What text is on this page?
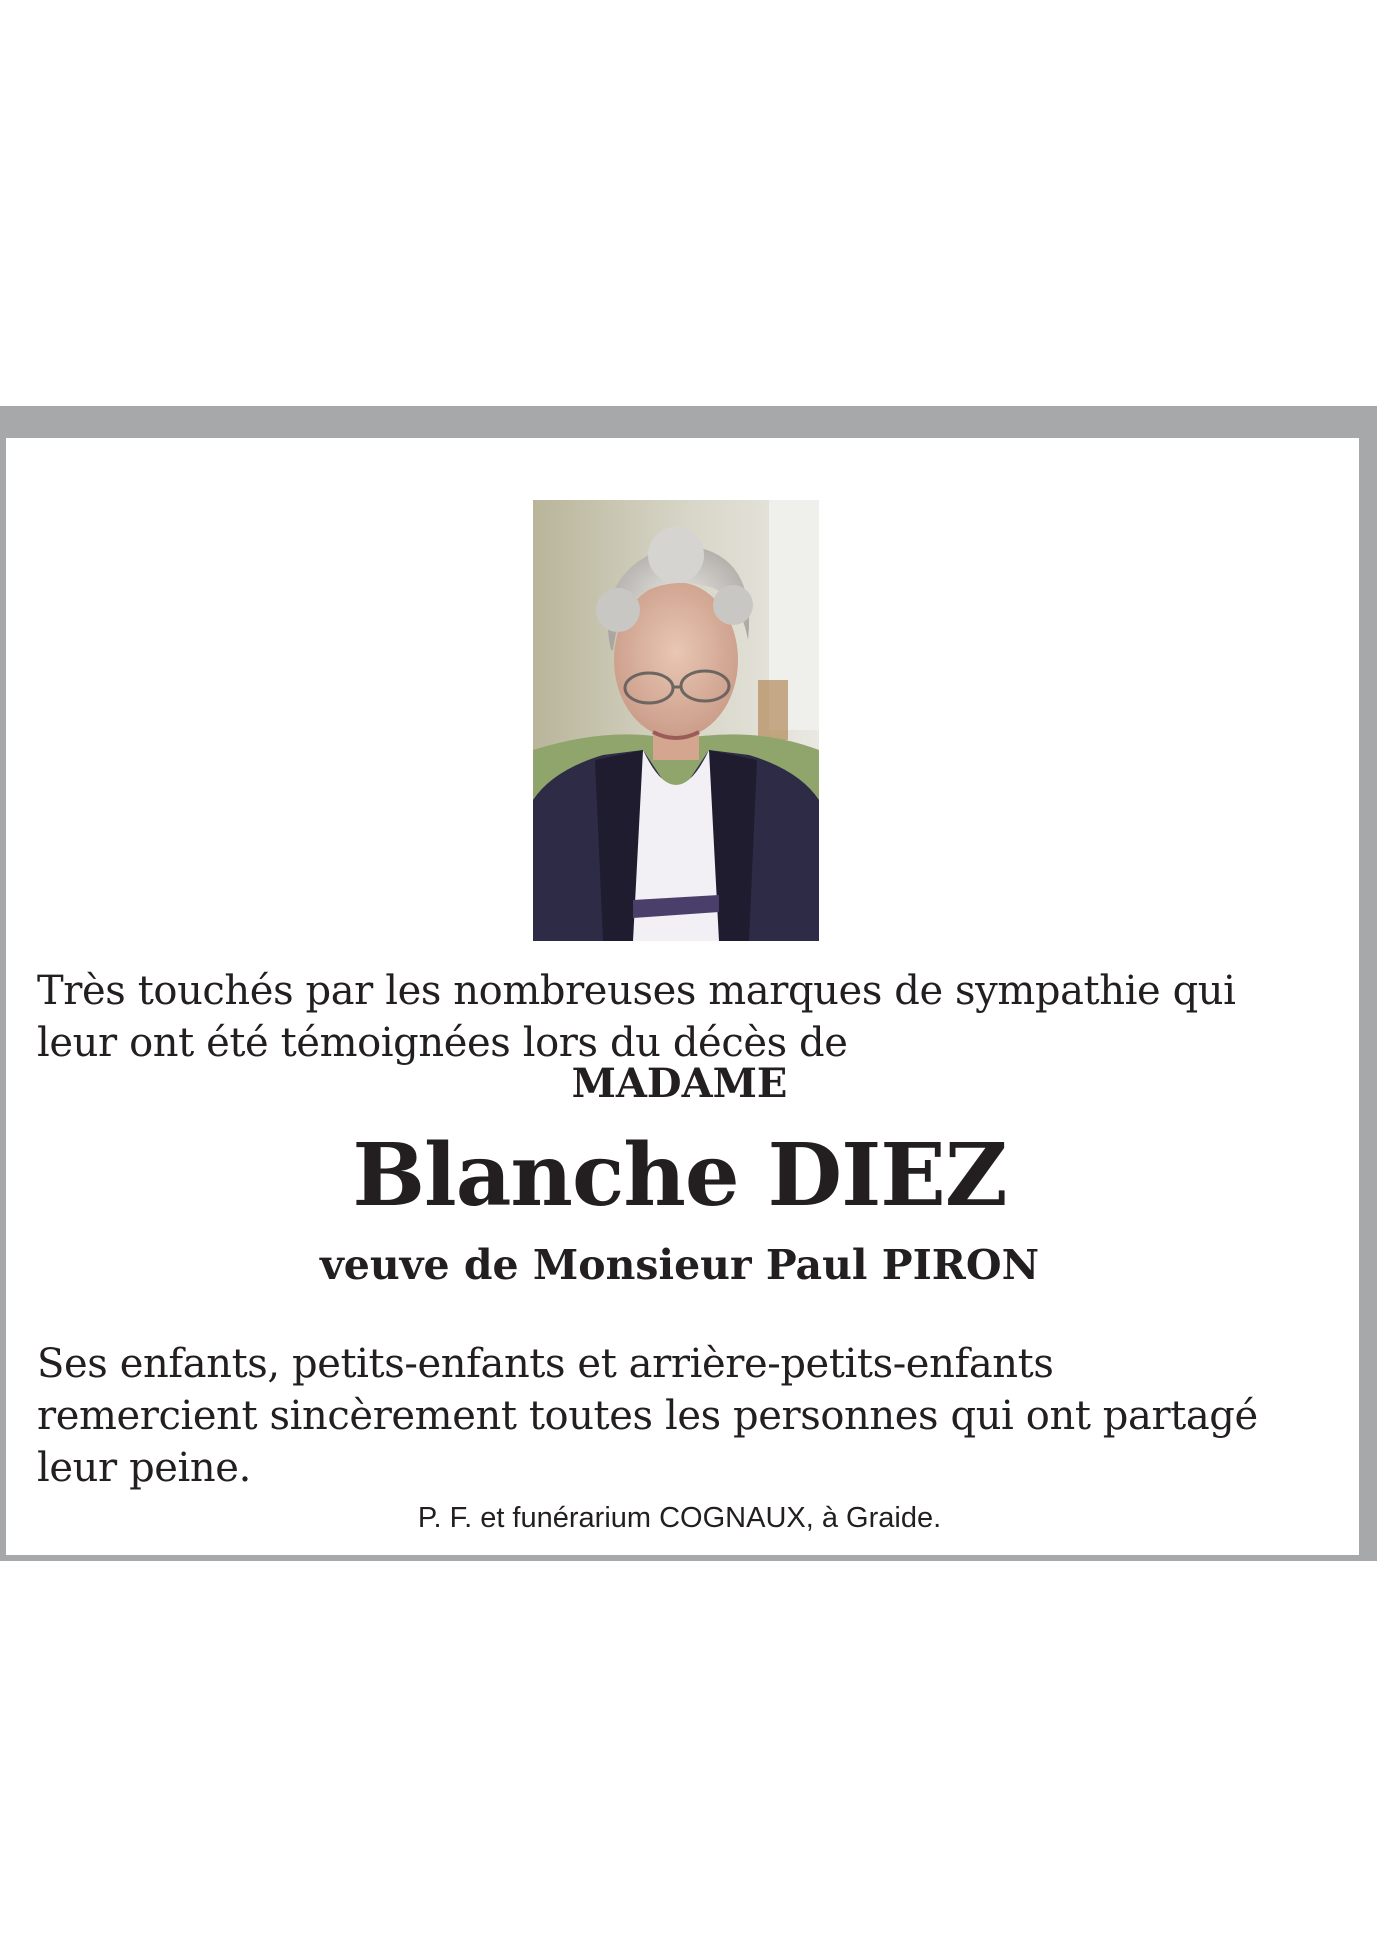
Très touchés par les nombreuses marques de sympathie qui
leur ont été témoignées lors du décès de

MADAME

Blanche DIEZ

veuve de Monsieur Paul PIRON

Ses enfants, petits-enfants et arrière-petits-enfants
remercient sincèrement toutes les personnes qui ont partagé
leur peine.

P. F. et funérarium COGNAUX, à Graide.
